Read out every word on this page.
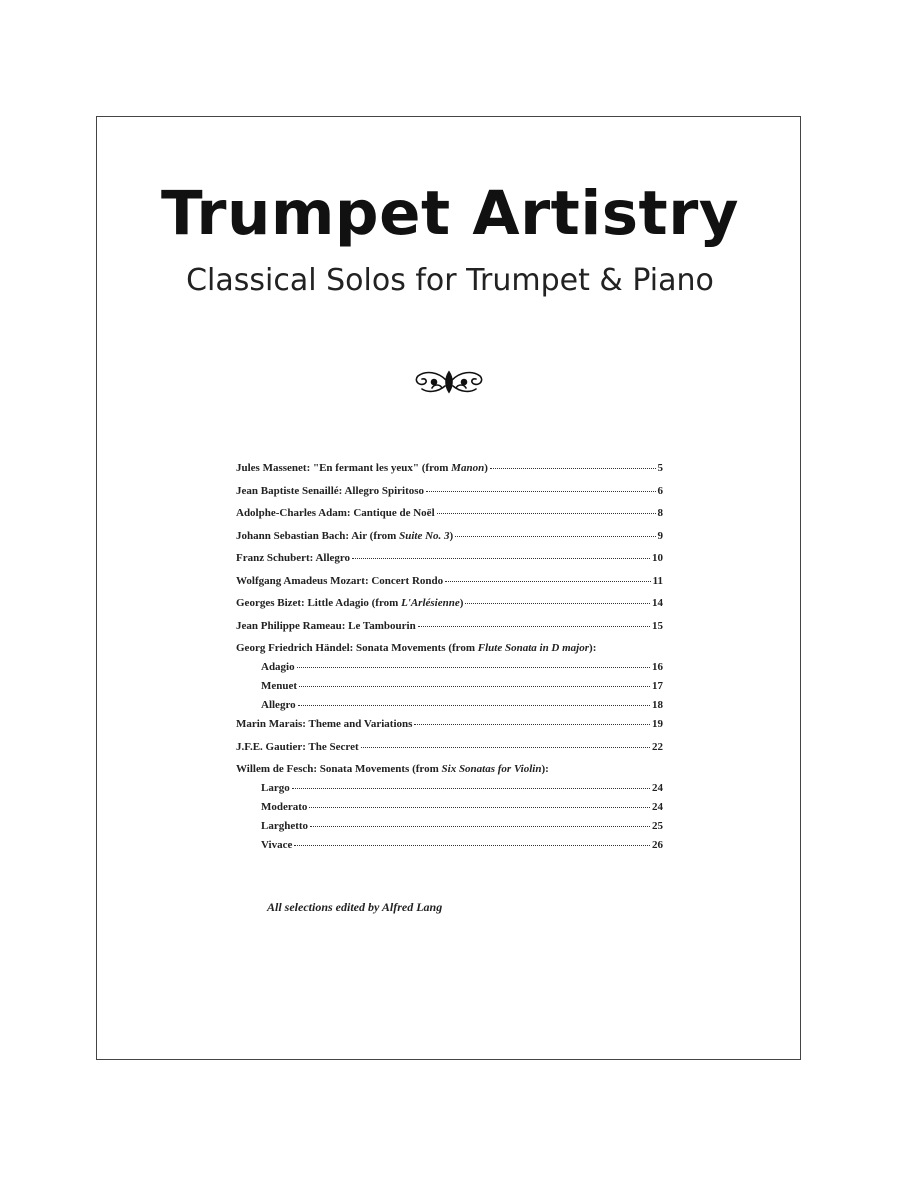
Trumpet Artistry
Classical Solos for Trumpet & Piano
Jules Massenet: "En fermant les yeux" (from Manon)	5
Jean Baptiste Senaillé: Allegro Spiritoso	6
Adolphe-Charles Adam: Cantique de Noël	8
Johann Sebastian Bach: Air (from Suite No. 3)	9
Franz Schubert: Allegro	10
Wolfgang Amadeus Mozart: Concert Rondo	11
Georges Bizet: Little Adagio (from L'Arlésienne)	14
Jean Philippe Rameau: Le Tambourin	15
Georg Friedrich Händel: Sonata Movements (from Flute Sonata in D major):
Adagio	16
Menuet	17
Allegro	18
Marin Marais: Theme and Variations	19
J.F.E. Gautier: The Secret	22
Willem de Fesch: Sonata Movements (from Six Sonatas for Violin):
Largo	24
Moderato	24
Larghetto	25
Vivace	26
All selections edited by Alfred Lang
